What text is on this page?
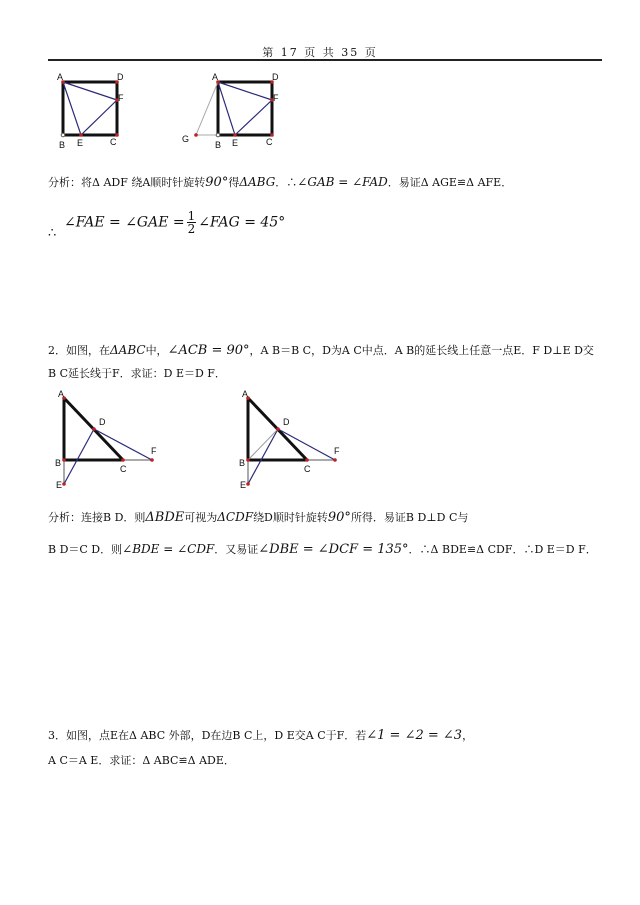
第 17 页 共 35 页
A	D
F
B E	C
A	D
F
G
B E	C
分析：将Δ ADF 绕A顺时针旋转90°得ΔABG．∴∠GAB = ∠FAD．易证Δ AGE≌Δ AFE．
∴
∠FAE = ∠GAE = $\frac{1}{2}$ ∠FAG = 45°
2．如图，在ΔABC中，∠ACB = 90°，A B＝B C，D为A C中点．A B的延长线上任意一点E．F D⊥E D交
B C延长线于F．求证：D E＝D F．
A
D
B
C
F
E
A
D
B
C
F
E
分析：连接B D．则ΔBDE可视为ΔCDF绕D顺时针旋转90°所得．易证B D⊥D C与
B D＝C D．则∠BDE = ∠CDF．又易证∠DBE = ∠DCF = 135°．∴Δ BDE≌Δ CDF．∴D E＝D F．
3．如图，点E在Δ ABC 外部，D在边B C上，D E交A C于F．若∠1 = ∠2 = ∠3，
A C＝A E．求证：Δ ABC≌Δ ADE．
